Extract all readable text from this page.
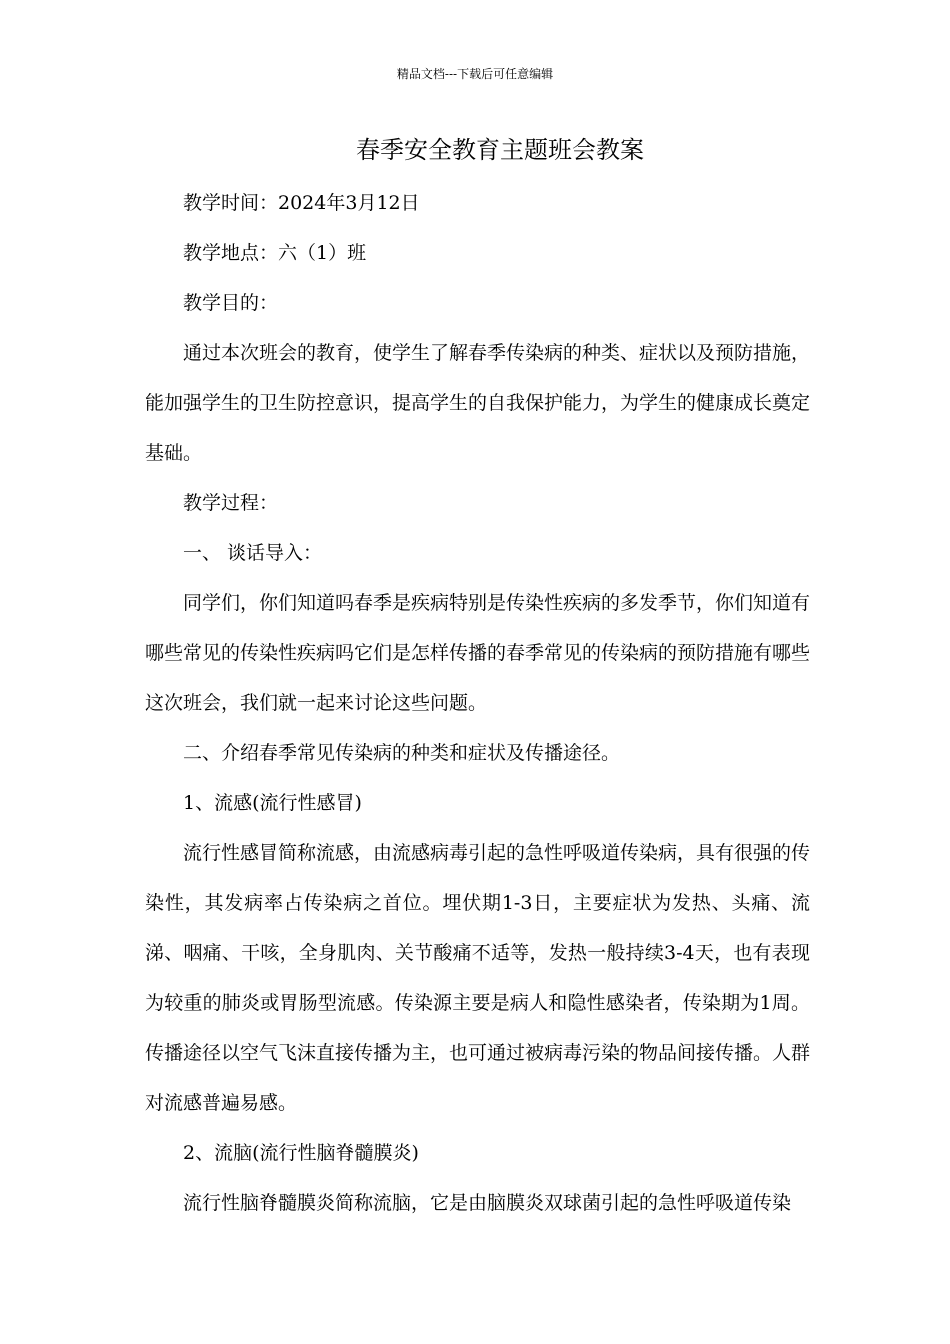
精品文档---下载后可任意编辑
春季安全教育主题班会教案

教学时间：2024年3月12日

教学地点：六（1）班

教学目的：

通过本次班会的教育，使学生了解春季传染病的种类、症状以及预防措施，能加强学生的卫生防控意识，提高学生的自我保护能力，为学生的健康成长奠定基础。

教学过程：

一、 谈话导入：

同学们，你们知道吗春季是疾病特别是传染性疾病的多发季节，你们知道有哪些常见的传染性疾病吗它们是怎样传播的春季常见的传染病的预防措施有哪些这次班会，我们就一起来讨论这些问题。

二、介绍春季常见传染病的种类和症状及传播途径。

1、流感(流行性感冒)

流行性感冒简称流感，由流感病毒引起的急性呼吸道传染病，具有很强的传染性，其发病率占传染病之首位。埋伏期1-3日，主要症状为发热、头痛、流涕、咽痛、干咳，全身肌肉、关节酸痛不适等，发热一般持续3-4天，也有表现为较重的肺炎或胃肠型流感。传染源主要是病人和隐性感染者，传染期为1周。传播途径以空气飞沫直接传播为主，也可通过被病毒污染的物品间接传播。人群对流感普遍易感。

2、流脑(流行性脑脊髓膜炎)

流行性脑脊髓膜炎简称流脑，它是由脑膜炎双球菌引起的急性呼吸道传染
